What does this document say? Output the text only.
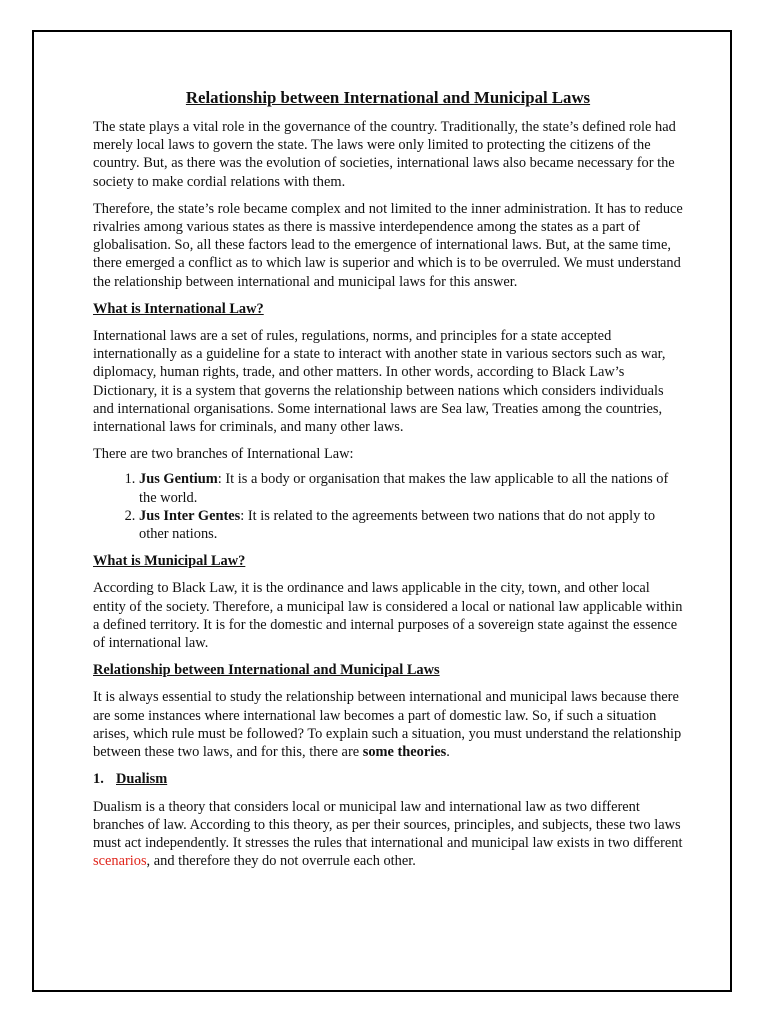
Relationship between International and Municipal Laws

The state plays a vital role in the governance of the country. Traditionally, the state’s defined role had merely local laws to govern the state. The laws were only limited to protecting the citizens of the country. But, as there was the evolution of societies, international laws also became necessary for the society to make cordial relations with them.

Therefore, the state’s role became complex and not limited to the inner administration. It has to reduce rivalries among various states as there is massive interdependence among the states as a part of globalisation. So, all these factors lead to the emergence of international laws. But, at the same time, there emerged a conflict as to which law is superior and which is to be overruled. We must understand the relationship between international and municipal laws for this answer.

What is International Law?

International laws are a set of rules, regulations, norms, and principles for a state accepted internationally as a guideline for a state to interact with another state in various sectors such as war, diplomacy, human rights, trade, and other matters. In other words, according to Black Law’s Dictionary, it is a system that governs the relationship between nations which considers individuals and international organisations. Some international laws are Sea law, Treaties among the countries, international laws for criminals, and many other laws.

There are two branches of International Law:

1. Jus Gentium: It is a body or organisation that makes the law applicable to all the nations of the world.
2. Jus Inter Gentes: It is related to the agreements between two nations that do not apply to other nations.
What is Municipal Law?

According to Black Law, it is the ordinance and laws applicable in the city, town, and other local entity of the society. Therefore, a municipal law is considered a local or national law applicable within a defined territory. It is for the domestic and internal purposes of a sovereign state against the essence of international law.

Relationship between International and Municipal Laws

It is always essential to study the relationship between international and municipal laws because there are some instances where international law becomes a part of domestic law. So, if such a situation arises, which rule must be followed? To explain such a situation, you must understand the relationship between these two laws, and for this, there are some theories.

1. Dualism

Dualism is a theory that considers local or municipal law and international law as two different branches of law. According to this theory, as per their sources, principles, and subjects, these two laws must act independently. It stresses the rules that international and municipal law exists in two different scenarios, and therefore they do not overrule each other.
